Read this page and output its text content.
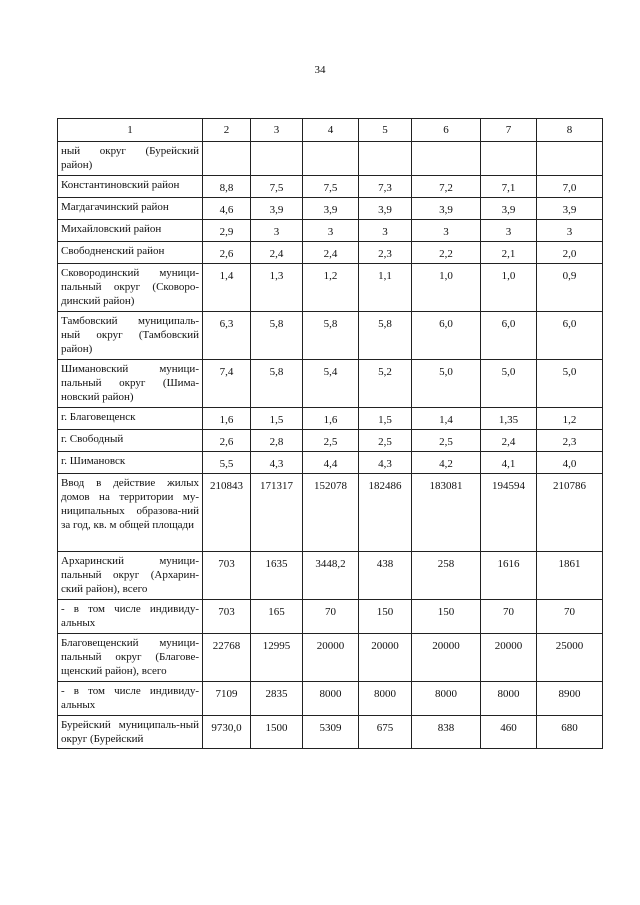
34
1	2	3	4	5	6	7	8
ный округ (Бурейский район)							
Константиновский район	8,8	7,5	7,5	7,3	7,2	7,1	7,0
Магдагачинский район	4,6	3,9	3,9	3,9	3,9	3,9	3,9
Михайловский район	2,9	3	3	3	3	3	3
Свободненский район	2,6	2,4	2,4	2,3	2,2	2,1	2,0
Сковородинский муници-пальный округ (Сковоро-динский район)	1,4	1,3	1,2	1,1	1,0	1,0	0,9
Тамбовский муниципаль-ный округ (Тамбовский район)	6,3	5,8	5,8	5,8	6,0	6,0	6,0
Шимановский муници-пальный округ (Шима-новский район)	7,4	5,8	5,4	5,2	5,0	5,0	5,0
г. Благовещенск	1,6	1,5	1,6	1,5	1,4	1,35	1,2
г. Свободный	2,6	2,8	2,5	2,5	2,5	2,4	2,3
г. Шимановск	5,5	4,3	4,4	4,3	4,2	4,1	4,0
Ввод в действие жилых домов на территории му-ниципальных образова-ний за год, кв. м общей площади	210843	171317	152078	182486	183081	194594	210786
Архаринский муници-пальный округ (Архарин-ский район), всего	703	1635	3448,2	438	258	1616	1861
- в том числе индивиду-альных	703	165	70	150	150	70	70
Благовещенский муници-пальный округ (Благове-щенский район), всего	22768	12995	20000	20000	20000	20000	25000
- в том числе индивиду-альных	7109	2835	8000	8000	8000	8000	8900
Бурейский муниципаль-ный округ (Бурейский	9730,0	1500	5309	675	838	460	680
